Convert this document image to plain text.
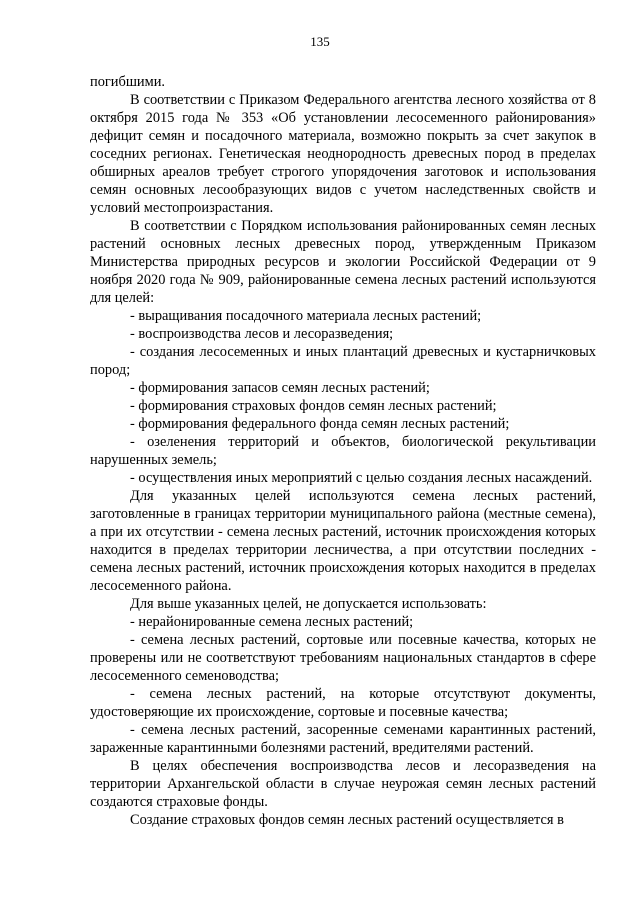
135

погибшими.

В соответствии с Приказом Федерального агентства лесного хозяйства от 8 октября 2015 года № 353 «Об установлении лесосеменного районирования» дефицит семян и посадочного материала, возможно покрыть за счет закупок в соседних регионах. Генетическая неоднородность древесных пород в пределах обширных ареалов требует строгого упорядочения заготовок и использования семян основных лесообразующих видов с учетом наследственных свойств и условий местопроизрастания.

В соответствии с Порядком использования районированных семян лесных растений основных лесных древесных пород, утвержденным Приказом Министерства природных ресурсов и экологии Российской Федерации от 9 ноября 2020 года № 909, районированные семена лесных растений используются для целей:

- выращивания посадочного материала лесных растений;

- воспроизводства лесов и лесоразведения;

- создания лесосеменных и иных плантаций древесных и кустарничковых пород;

- формирования запасов семян лесных растений;

- формирования страховых фондов семян лесных растений;

- формирования федерального фонда семян лесных растений;

- озеленения территорий и объектов, биологической рекультивации нарушенных земель;

- осуществления иных мероприятий с целью создания лесных насаждений.

Для указанных целей используются семена лесных растений, заготовленные в границах территории муниципального района (местные семена), а при их отсутствии - семена лесных растений, источник происхождения которых находится в пределах территории лесничества, а при отсутствии последних - семена лесных растений, источник происхождения которых находится в пределах лесосеменного района.

Для выше указанных целей, не допускается использовать:

- нерайонированные семена лесных растений;

- семена лесных растений, сортовые или посевные качества, которых не проверены или не соответствуют требованиям национальных стандартов в сфере лесосеменного семеноводства;

- семена лесных растений, на которые отсутствуют документы, удостоверяющие их происхождение, сортовые и посевные качества;

- семена лесных растений, засоренные семенами карантинных растений, зараженные карантинными болезнями растений, вредителями растений.

В целях обеспечения воспроизводства лесов и лесоразведения на территории Архангельской области в случае неурожая семян лесных растений создаются страховые фонды.

Создание страховых фондов семян лесных растений осуществляется в
